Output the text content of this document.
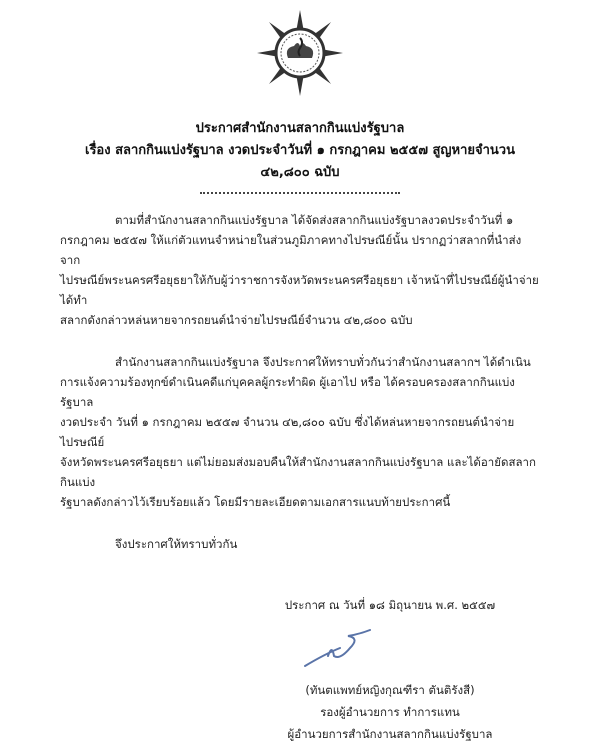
ประกาศสำนักงานสลากกินแบ่งรัฐบาล
เรื่อง สลากกินแบ่งรัฐบาล งวดประจำวันที่ ๑ กรกฎาคม ๒๕๕๗ สูญหายจำนวน ๔๒,๘๐๐ ฉบับ
ตามที่สำนักงานสลากกินแบ่งรัฐบาล ได้จัดส่งสลากกินแบ่งรัฐบาลงวดประจำวันที่ ๑
กรกฎาคม ๒๕๕๗ ให้แก่ตัวแทนจำหน่ายในส่วนภูมิภาคทางไปรษณีย์นั้น ปรากฏว่าสลากที่นำส่งจาก
ไปรษณีย์พระนครศรีอยุธยาให้กับผู้ว่าราชการจังหวัดพระนครศรีอยุธยา เจ้าหน้าที่ไปรษณีย์ผู้นำจ่ายได้ทำ
สลากดังกล่าวหล่นหายจากรถยนต์นำจ่ายไปรษณีย์จำนวน ๔๒,๘๐๐ ฉบับ
สำนักงานสลากกินแบ่งรัฐบาล จึงประกาศให้ทราบทั่วกันว่าสำนักงานสลากฯ ได้ดำเนิน
การแจ้งความร้องทุกข์ดำเนินคดีแก่บุคคลผู้กระทำผิด ผู้เอาไป หรือ ได้ครอบครองสลากกินแบ่งรัฐบาล
งวดประจำ วันที่ ๑ กรกฎาคม ๒๕๕๗ จำนวน ๔๒,๘๐๐ ฉบับ ซึ่งได้หล่นหายจากรถยนต์นำจ่ายไปรษณีย์
จังหวัดพระนครศรีอยุธยา แต่ไม่ยอมส่งมอบคืนให้สำนักงานสลากกินแบ่งรัฐบาล และได้อายัดสลากกินแบ่ง
รัฐบาลดังกล่าวไว้เรียบร้อยแล้ว โดยมีรายละเอียดตามเอกสารแนบท้ายประกาศนี้
จึงประกาศให้ทราบทั่วกัน
ประกาศ ณ วันที่ ๑๘ มิถุนายน พ.ศ. ๒๕๕๗
(ทันตแพทย์หญิงกุณฑีรา ตันติรังสี)
รองผู้อำนวยการ ทำการแทน
ผู้อำนวยการสำนักงานสลากกินแบ่งรัฐบาล
